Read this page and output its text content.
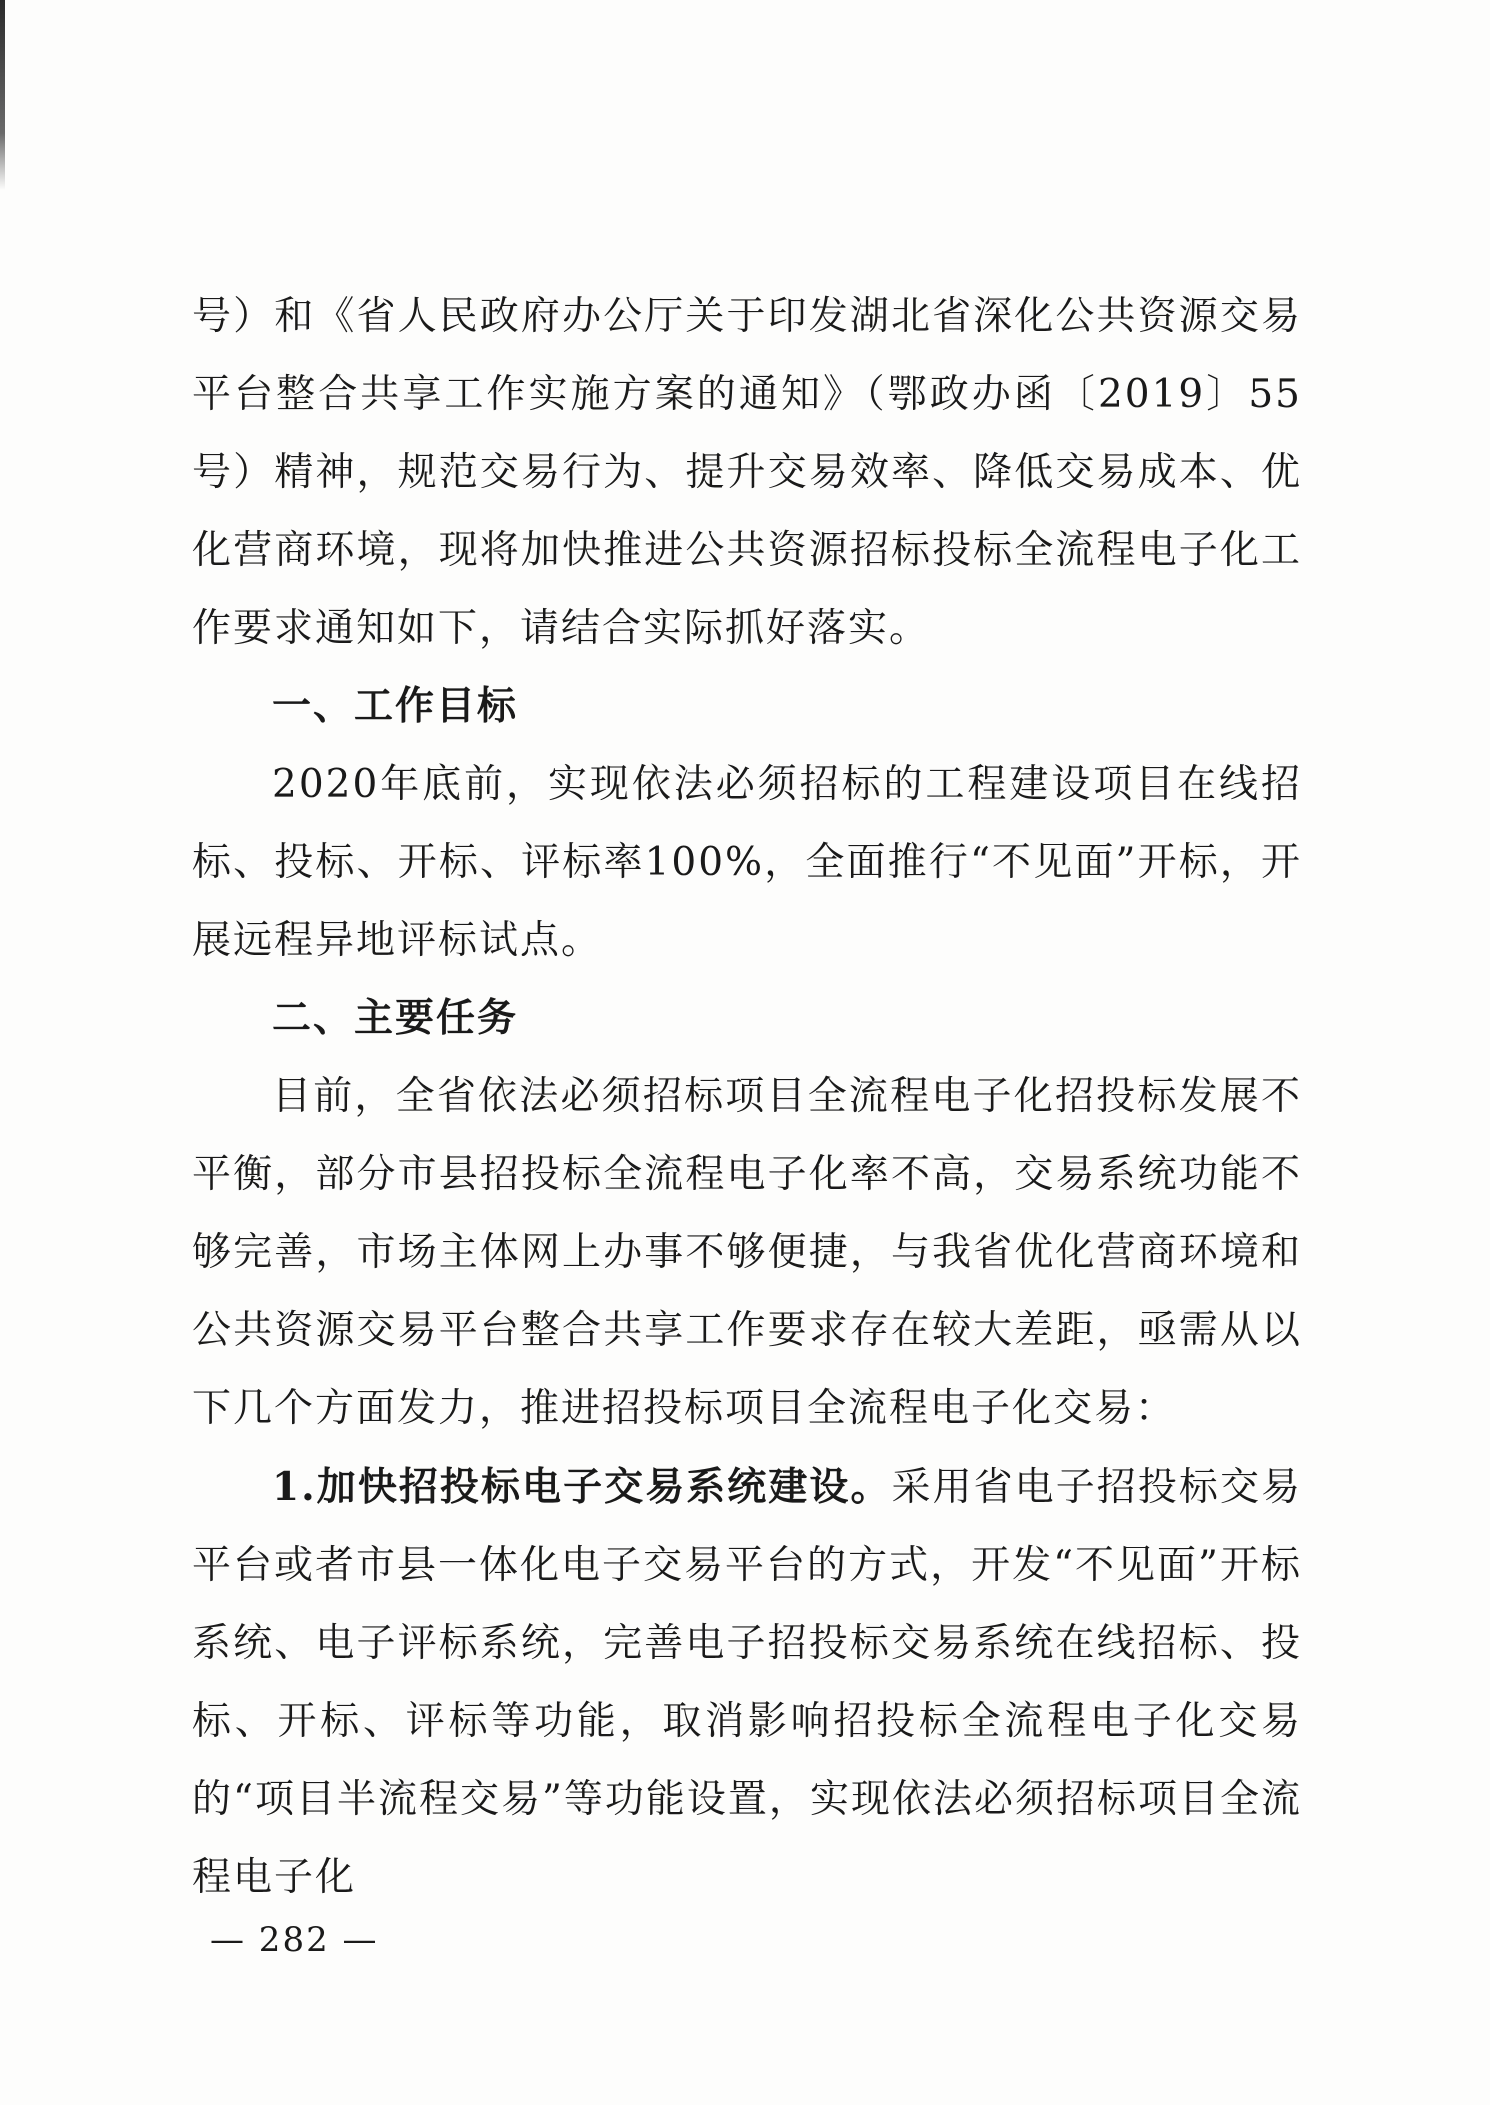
号）和《省人民政府办公厅关于印发湖北省深化公共资源交易平台整合共享工作实施方案的通知》（鄂政办函〔2019〕55号）精神，规范交易行为、提升交易效率、降低交易成本、优化营商环境，现将加快推进公共资源招标投标全流程电子化工作要求通知如下，请结合实际抓好落实。

一、工作目标

2020年底前，实现依法必须招标的工程建设项目在线招标、投标、开标、评标率100%，全面推行“不见面”开标，开展远程异地评标试点。

二、主要任务

目前，全省依法必须招标项目全流程电子化招投标发展不平衡，部分市县招投标全流程电子化率不高，交易系统功能不够完善，市场主体网上办事不够便捷，与我省优化营商环境和公共资源交易平台整合共享工作要求存在较大差距，亟需从以下几个方面发力，推进招投标项目全流程电子化交易：

1.加快招投标电子交易系统建设。采用省电子招投标交易平台或者市县一体化电子交易平台的方式，开发“不见面”开标系统、电子评标系统，完善电子招投标交易系统在线招标、投标、开标、评标等功能，取消影响招投标全流程电子化交易的“项目半流程交易”等功能设置，实现依法必须招标项目全流程电子化

— 282 —
